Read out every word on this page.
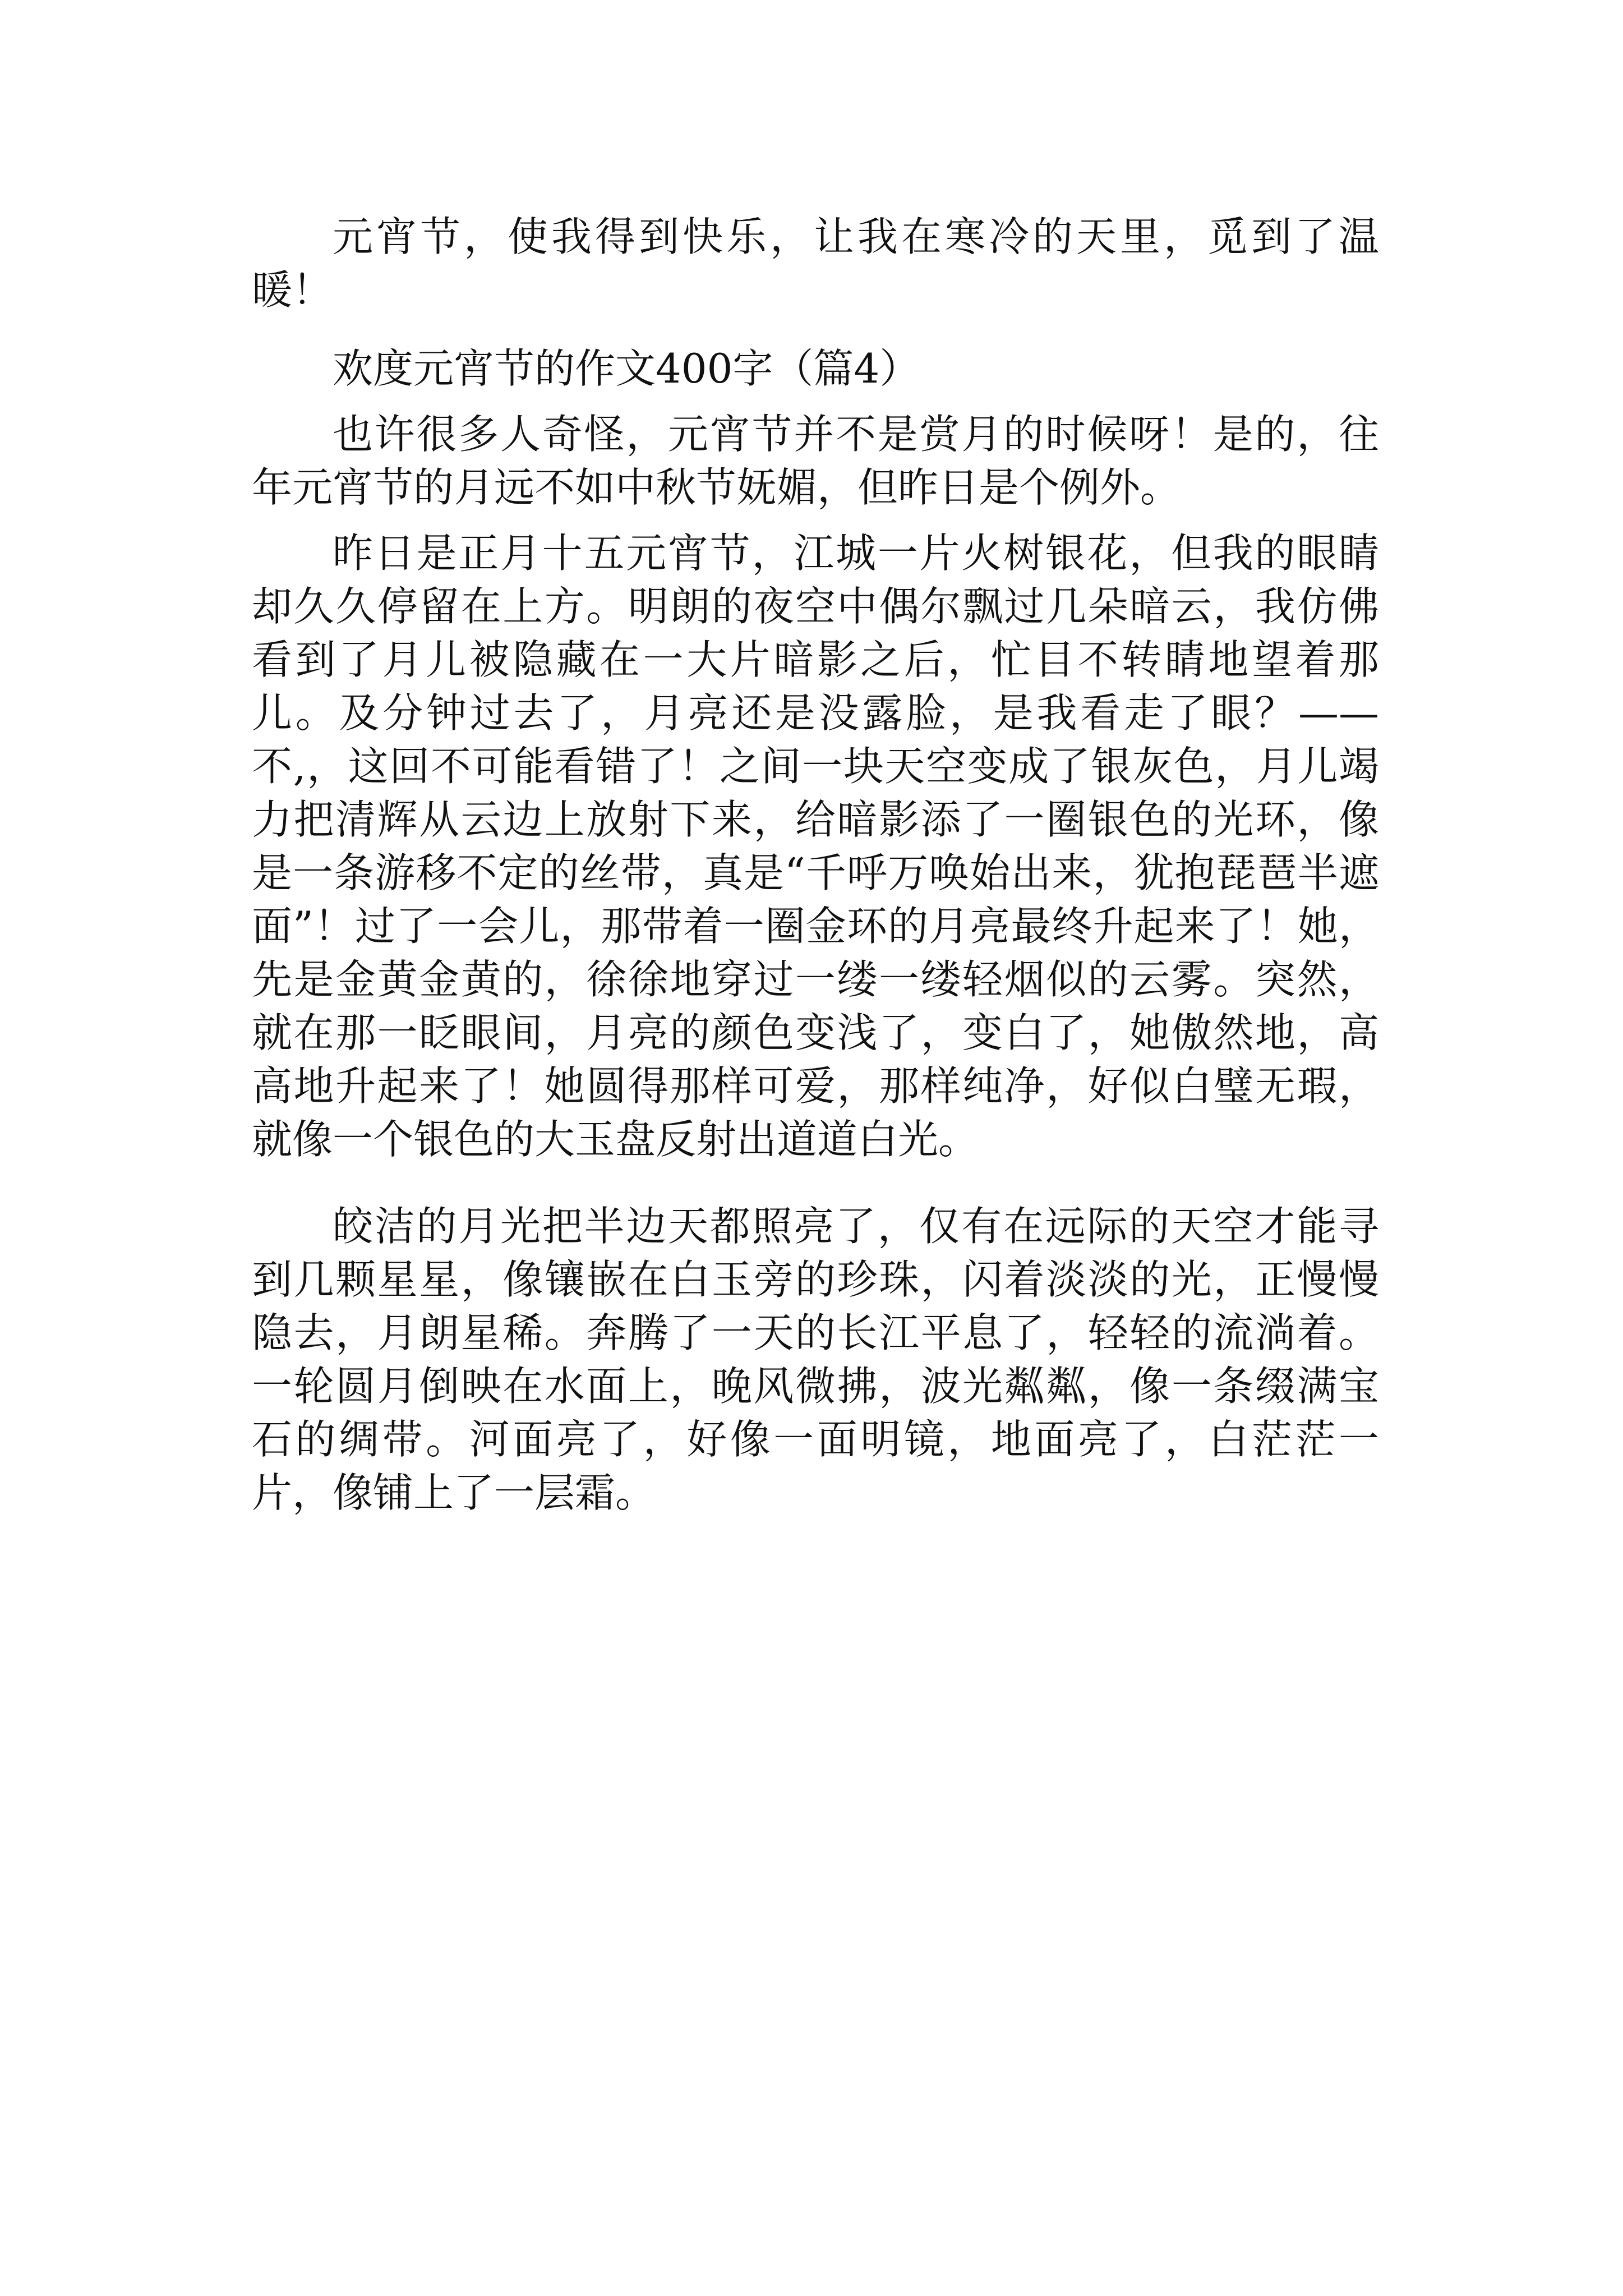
元宵节，使我得到快乐，让我在寒冷的天里，觅到了温暖！

欢度元宵节的作文400字（篇4）

也许很多人奇怪，元宵节并不是赏月的时候呀！是的，往年元宵节的月远不如中秋节妩媚，但昨日是个例外。

昨日是正月十五元宵节，江城一片火树银花，但我的眼睛却久久停留在上方。明朗的夜空中偶尔飘过几朵暗云，我仿佛看到了月儿被隐藏在一大片暗影之后，忙目不转睛地望着那儿。及分钟过去了，月亮还是没露脸，是我看走了眼？——不,，这回不可能看错了！之间一块天空变成了银灰色，月儿竭力把清辉从云边上放射下来，给暗影添了一圈银色的光环，像是一条游移不定的丝带，真是“千呼万唤始出来，犹抱琵琶半遮面”！过了一会儿，那带着一圈金环的月亮最终升起来了！她，先是金黄金黄的，徐徐地穿过一缕一缕轻烟似的云雾。突然，就在那一眨眼间，月亮的颜色变浅了，变白了，她傲然地，高高地升起来了！她圆得那样可爱，那样纯净，好似白璧无瑕，就像一个银色的大玉盘反射出道道白光。

皎洁的月光把半边天都照亮了，仅有在远际的天空才能寻到几颗星星，像镶嵌在白玉旁的珍珠，闪着淡淡的光，正慢慢隐去，月朗星稀。奔腾了一天的长江平息了，轻轻的流淌着。一轮圆月倒映在水面上，晚风微拂，波光粼粼，像一条缀满宝石的绸带。河面亮了，好像一面明镜，地面亮了，白茫茫一片，像铺上了一层霜。
